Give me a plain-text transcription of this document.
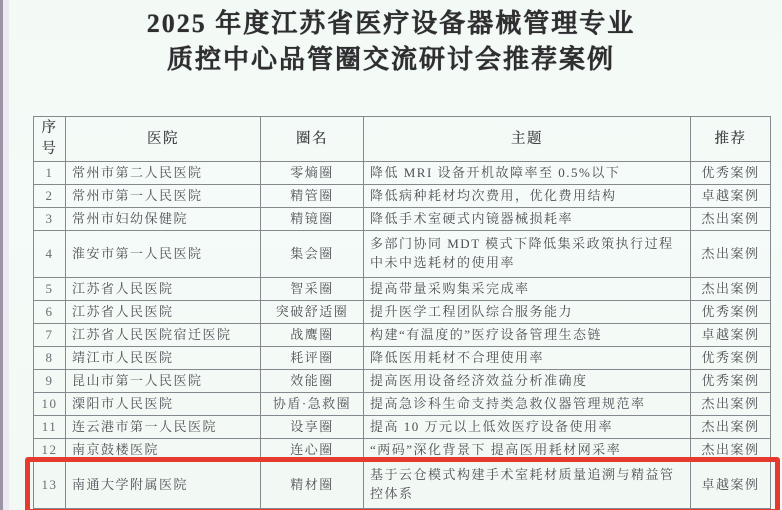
2025 年度江苏省医疗设备器械管理专业
质控中心品管圈交流研讨会推荐案例
序号	医院	圈名	主题	推荐
1	常州市第二人民医院	零熵圈	降低 MRI 设备开机故障率至 0.5%以下	优秀案例
2	常州市第一人民医院	精管圈	降低病种耗材均次费用，优化费用结构	卓越案例
3	常州市妇幼保健院	精镜圈	降低手术室硬式内镜器械损耗率	杰出案例
4	淮安市第一人民医院	集会圈	多部门协同 MDT 模式下降低集采政策执行过程中未中选耗材的使用率	杰出案例
5	江苏省人民医院	智采圈	提高带量采购集采完成率	杰出案例
6	江苏省人民医院	突破舒适圈	提升医学工程团队综合服务能力	优秀案例
7	江苏省人民医院宿迁医院	战鹰圈	构建“有温度的”医疗设备管理生态链	卓越案例
8	靖江市人民医院	耗评圈	降低医用耗材不合理使用率	优秀案例
9	昆山市第一人民医院	效能圈	提高医用设备经济效益分析准确度	优秀案例
10	溧阳市人民医院	协盾·急救圈	提高急诊科生命支持类急救仪器管理规范率	杰出案例
11	连云港市第一人民医院	设享圈	提高 10 万元以上低效医疗设备使用率	杰出案例
12	南京鼓楼医院	连心圈	“两码”深化背景下 提高医用耗材网采率	杰出案例
13	南通大学附属医院	精材圈	基于云仓模式构建手术室耗材质量追溯与精益管控体系	卓越案例
